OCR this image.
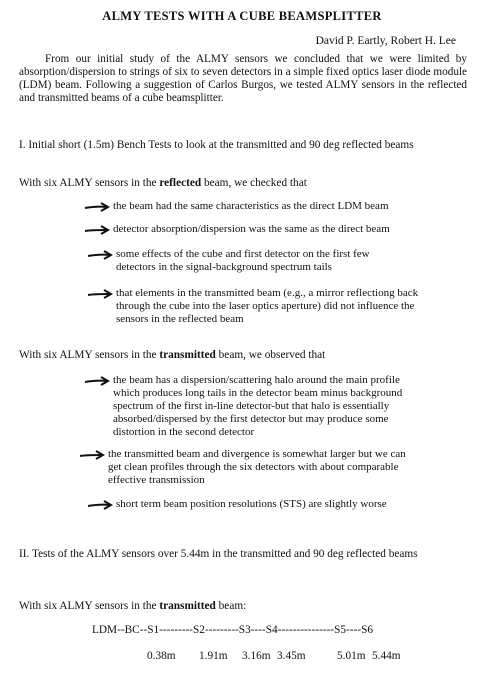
ALMY TESTS WITH A CUBE BEAMSPLITTER
David P. Eartly, Robert H. Lee
From our initial study of the ALMY sensors we concluded that we were limited by absorption/dispersion to strings of six to seven detectors in a simple fixed optics laser diode module (LDM) beam. Following a suggestion of Carlos Burgos, we tested ALMY sensors in the reflected and transmitted beams of a cube beamsplitter.
I. Initial short (1.5m) Bench Tests to look at the transmitted and 90 deg reflected beams
With six ALMY sensors in the reflected beam, we checked that
the beam had the same characteristics as the direct LDM beam
detector absorption/dispersion was the same as the direct beam
some effects of the cube and first detector on the first few
detectors in the signal-background spectrum tails
that elements in the transmitted beam (e.g., a mirror reflectiong back
through the cube into the laser optics aperture) did not influence the
sensors in the reflected beam
With six ALMY sensors in the transmitted beam, we observed that
the beam has a dispersion/scattering halo around the main profile
which produces long tails in the detector beam minus background
spectrum of the first in-line detector-but that halo is essentially
absorbed/dispersed by the first detector but may produce some
distortion in the second detector
the transmitted beam and divergence is somewhat larger but we can
get clean profiles through the six detectors with about comparable
effective transmission
short term beam position resolutions (STS) are slightly worse
II. Tests of the ALMY sensors over 5.44m in the transmitted and 90 deg reflected beams
With six ALMY sensors in the transmitted beam:
LDM--BC--S1---------S2---------S3----S4---------------S5----S6
0.38m 1.91m 3.16m 3.45m	5.01m 5.44m
